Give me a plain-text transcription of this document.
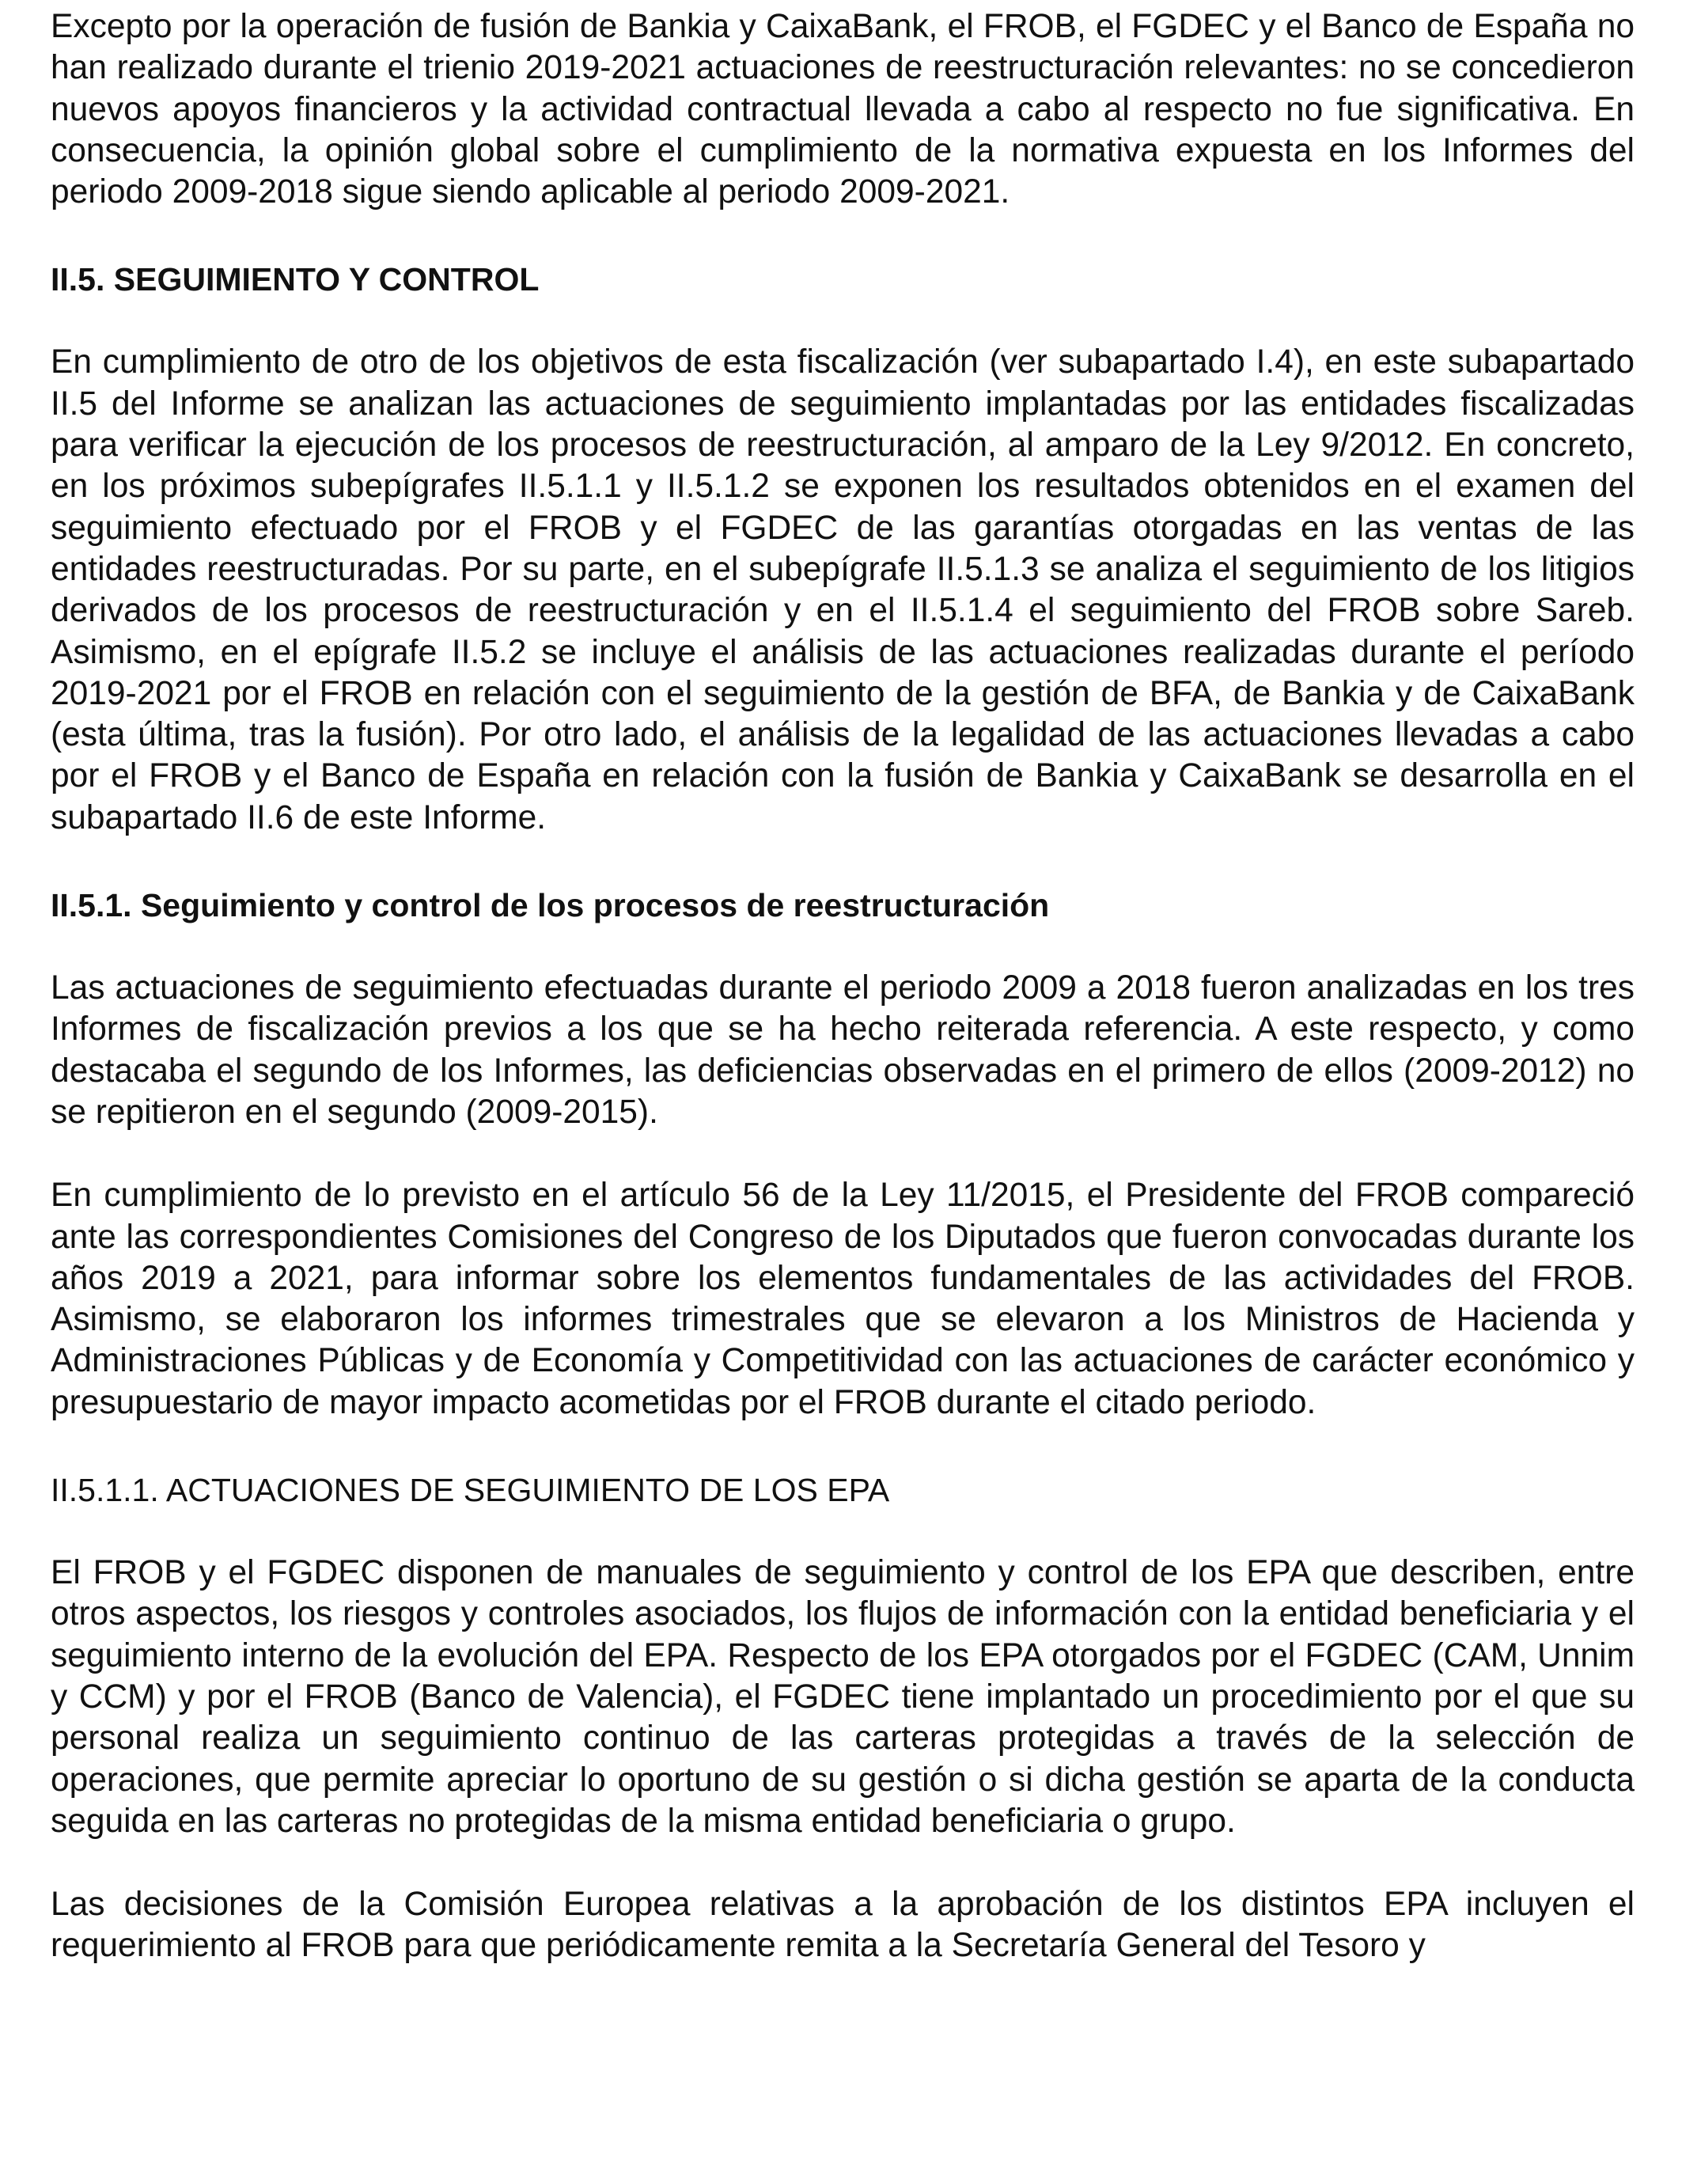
Excepto por la operación de fusión de Bankia y CaixaBank, el FROB, el FGDEC y el Banco de España no han realizado durante el trienio 2019-2021 actuaciones de reestructuración relevantes: no se concedieron nuevos apoyos financieros y la actividad contractual llevada a cabo al respecto no fue significativa. En consecuencia, la opinión global sobre el cumplimiento de la normativa expuesta en los Informes del periodo 2009-2018 sigue siendo aplicable al periodo 2009-2021.

II.5. SEGUIMIENTO Y CONTROL

En cumplimiento de otro de los objetivos de esta fiscalización (ver subapartado I.4), en este subapartado II.5 del Informe se analizan las actuaciones de seguimiento implantadas por las entidades fiscalizadas para verificar la ejecución de los procesos de reestructuración, al amparo de la Ley 9/2012. En concreto, en los próximos subepígrafes II.5.1.1 y II.5.1.2 se exponen los resultados obtenidos en el examen del seguimiento efectuado por el FROB y el FGDEC de las garantías otorgadas en las ventas de las entidades reestructuradas. Por su parte, en el subepígrafe II.5.1.3 se analiza el seguimiento de los litigios derivados de los procesos de reestructuración y en el II.5.1.4 el seguimiento del FROB sobre Sareb. Asimismo, en el epígrafe II.5.2 se incluye el análisis de las actuaciones realizadas durante el período 2019-2021 por el FROB en relación con el seguimiento de la gestión de BFA, de Bankia y de CaixaBank (esta última, tras la fusión). Por otro lado, el análisis de la legalidad de las actuaciones llevadas a cabo por el FROB y el Banco de España en relación con la fusión de Bankia y CaixaBank se desarrolla en el subapartado II.6 de este Informe.

II.5.1. Seguimiento y control de los procesos de reestructuración

Las actuaciones de seguimiento efectuadas durante el periodo 2009 a 2018 fueron analizadas en los tres Informes de fiscalización previos a los que se ha hecho reiterada referencia. A este respecto, y como destacaba el segundo de los Informes, las deficiencias observadas en el primero de ellos (2009-2012) no se repitieron en el segundo (2009-2015).

En cumplimiento de lo previsto en el artículo 56 de la Ley 11/2015, el Presidente del FROB compareció ante las correspondientes Comisiones del Congreso de los Diputados que fueron convocadas durante los años 2019 a 2021, para informar sobre los elementos fundamentales de las actividades del FROB. Asimismo, se elaboraron los informes trimestrales que se elevaron a los Ministros de Hacienda y Administraciones Públicas y de Economía y Competitividad con las actuaciones de carácter económico y presupuestario de mayor impacto acometidas por el FROB durante el citado periodo.

II.5.1.1. ACTUACIONES DE SEGUIMIENTO DE LOS EPA

El FROB y el FGDEC disponen de manuales de seguimiento y control de los EPA que describen, entre otros aspectos, los riesgos y controles asociados, los flujos de información con la entidad beneficiaria y el seguimiento interno de la evolución del EPA. Respecto de los EPA otorgados por el FGDEC (CAM, Unnim y CCM) y por el FROB (Banco de Valencia), el FGDEC tiene implantado un procedimiento por el que su personal realiza un seguimiento continuo de las carteras protegidas a través de la selección de operaciones, que permite apreciar lo oportuno de su gestión o si dicha gestión se aparta de la conducta seguida en las carteras no protegidas de la misma entidad beneficiaria o grupo.

Las decisiones de la Comisión Europea relativas a la aprobación de los distintos EPA incluyen el requerimiento al FROB para que periódicamente remita a la Secretaría General del Tesoro y
